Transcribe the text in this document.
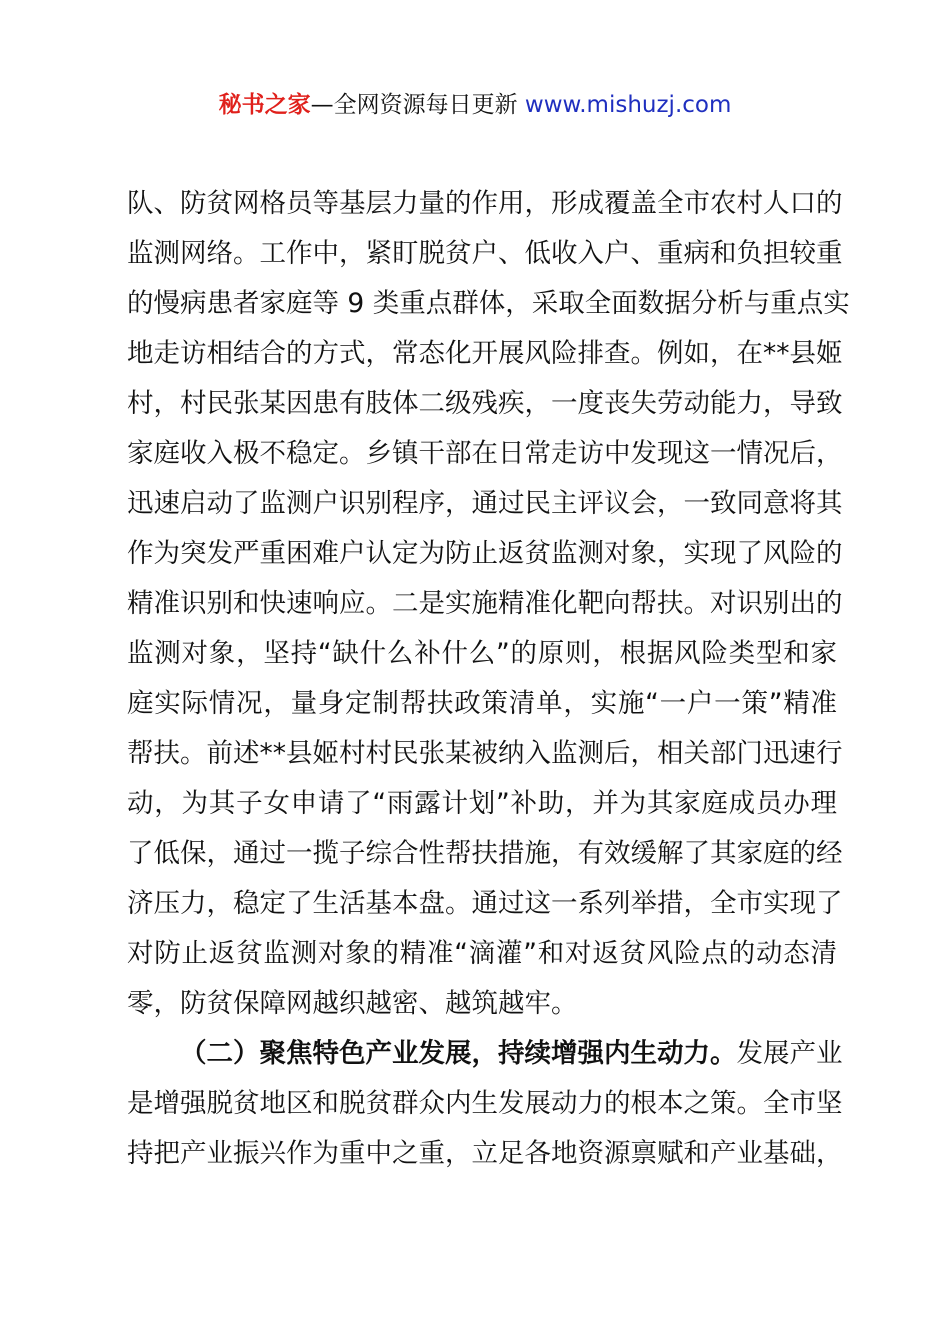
秘书之家—全网资源每日更新 www.mishuzj.com
队、防贫网格员等基层力量的作用，形成覆盖全市农村人口的
监测网络。工作中，紧盯脱贫户、低收入户、重病和负担较重
的慢病患者家庭等 9 类重点群体，采取全面数据分析与重点实
地走访相结合的方式，常态化开展风险排查。例如，在**县姬
村，村民张某因患有肢体二级残疾，一度丧失劳动能力，导致
家庭收入极不稳定。乡镇干部在日常走访中发现这一情况后，
迅速启动了监测户识别程序，通过民主评议会，一致同意将其
作为突发严重困难户认定为防止返贫监测对象，实现了风险的
精准识别和快速响应。二是实施精准化靶向帮扶。对识别出的
监测对象，坚持“缺什么补什么”的原则，根据风险类型和家
庭实际情况，量身定制帮扶政策清单，实施“一户一策”精准
帮扶。前述**县姬村村民张某被纳入监测后，相关部门迅速行
动，为其子女申请了“雨露计划”补助，并为其家庭成员办理
了低保，通过一揽子综合性帮扶措施，有效缓解了其家庭的经
济压力，稳定了生活基本盘。通过这一系列举措，全市实现了
对防止返贫监测对象的精准“滴灌”和对返贫风险点的动态清
零，防贫保障网越织越密、越筑越牢。
（二）聚焦特色产业发展，持续增强内生动力。发展产业
是增强脱贫地区和脱贫群众内生发展动力的根本之策。全市坚
持把产业振兴作为重中之重，立足各地资源禀赋和产业基础，
